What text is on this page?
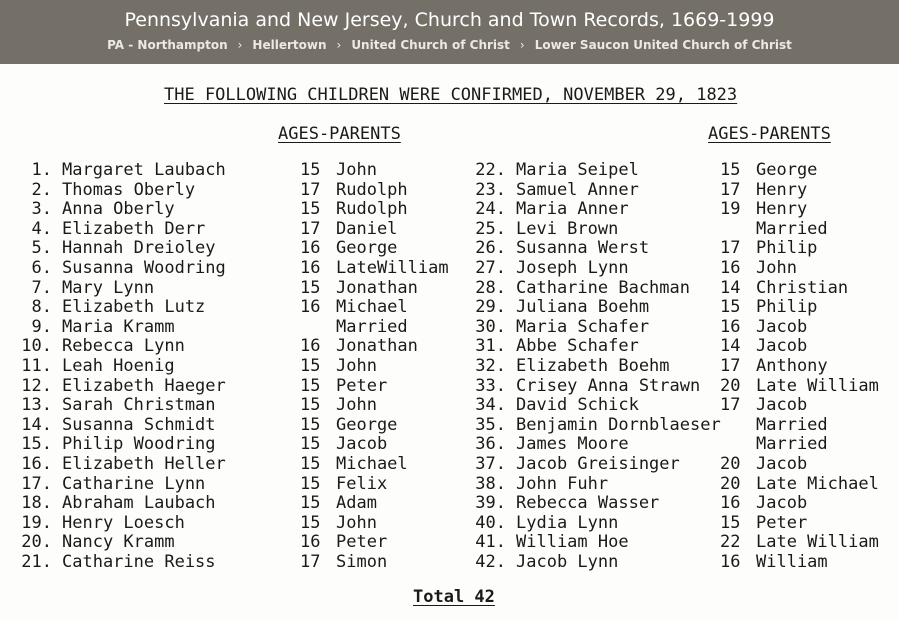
Pennsylvania and New Jersey, Church and Town Records, 1669-1999
PA - Northampton › Hellertown › United Church of Christ › Lower Saucon United Church of Christ
THE FOLLOWING CHILDREN WERE CONFIRMED, NOVEMBER 29, 1823
AGES-PARENTS	AGES-PARENTS
1. Margaret Laubach	15 John
2. Thomas Oberly	17 Rudolph
3. Anna Oberly	15 Rudolph
4. Elizabeth Derr	17 Daniel
5. Hannah Dreioley	16 George
6. Susanna Woodring	16 LateWilliam
7. Mary Lynn	15 Jonathan
8. Elizabeth Lutz	16 Michael
9. Maria Kramm	Married
10. Rebecca Lynn	16 Jonathan
11. Leah Hoenig	15 John
12. Elizabeth Haeger	15 Peter
13. Sarah Christman	15 John
14. Susanna Schmidt	15 George
15. Philip Woodring	15 Jacob
16. Elizabeth Heller	15 Michael
17. Catharine Lynn	15 Felix
18. Abraham Laubach	15 Adam
19. Henry Loesch	15 John
20. Nancy Kramm	16 Peter
21. Catharine Reiss	17 Simon
22. Maria Seipel	15 George
23. Samuel Anner	17 Henry
24. Maria Anner	19 Henry
25. Levi Brown	Married
26. Susanna Werst	17 Philip
27. Joseph Lynn	16 John
28. Catharine Bachman 14 Christian
29. Juliana Boehm	15 Philip
30. Maria Schafer	16 Jacob
31. Abbe Schafer	14 Jacob
32. Elizabeth Boehm	17 Anthony
33. Crisey Anna Strawn 20 Late William
34. David Schick	17 Jacob
35. Benjamin Dornblaeser Married
36. James Moore	Married
37. Jacob Greisinger 20 Jacob
38. John Fuhr	20 Late Michael
39. Rebecca Wasser	16 Jacob
40. Lydia Lynn	15 Peter
41. William Hoe	22 Late William
42. Jacob Lynn	16 William
Total 42
